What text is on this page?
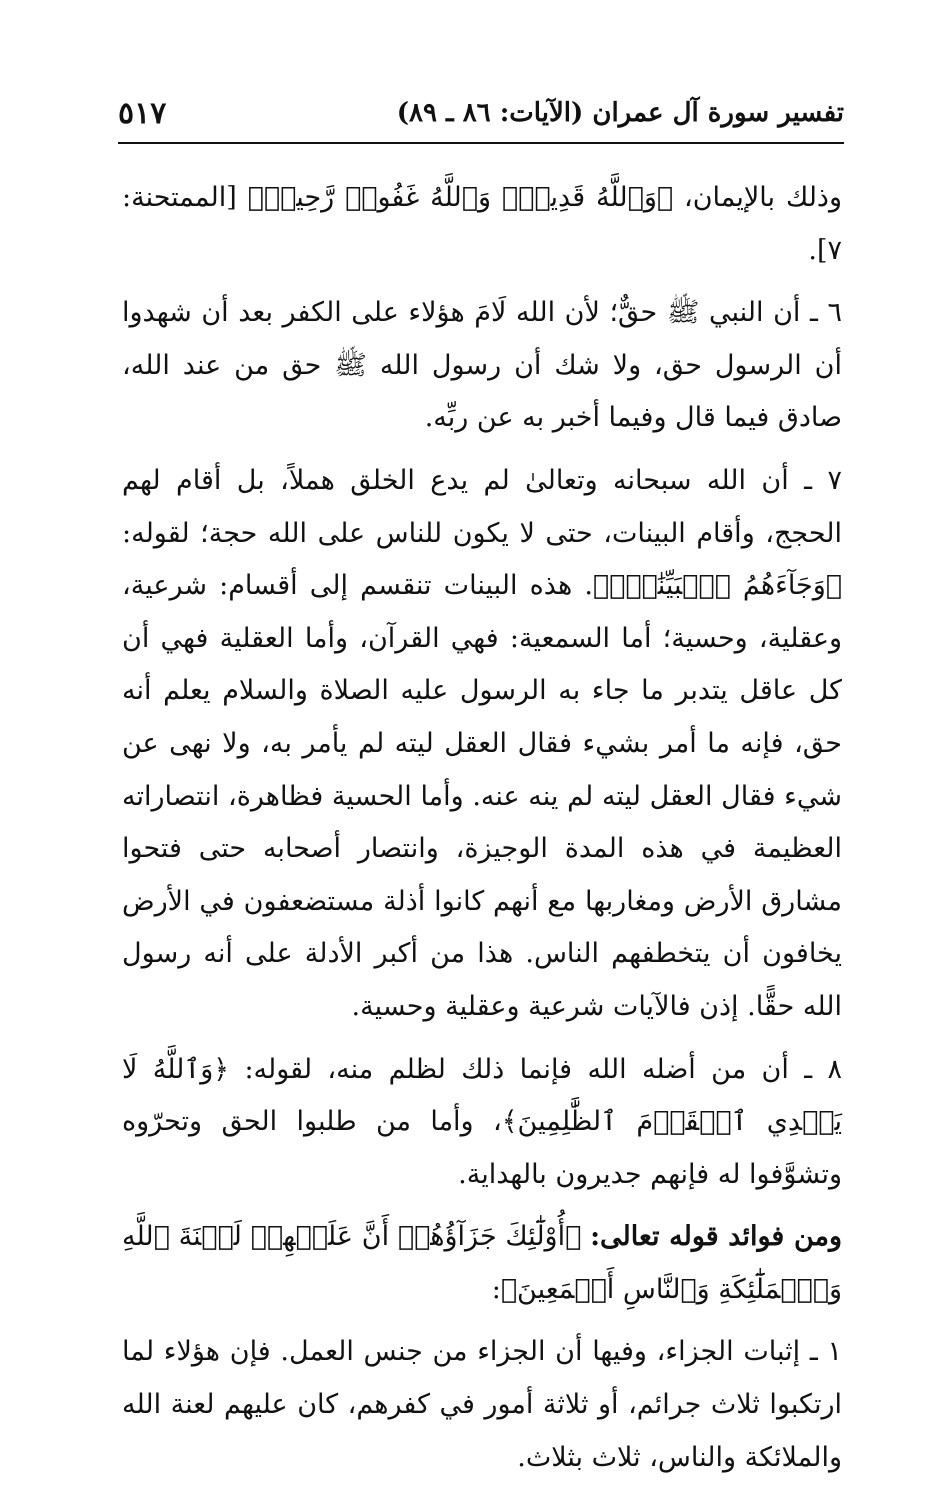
تفسير سورة آل عمران (الآيات: ٨٦ ـ ٨٩)
٥١٧

وذلك بالإيمان، ﴿وَٱللَّهُ قَدِيرٌۚ وَٱللَّهُ غَفُورٞ رَّحِيمٞ﴾ [الممتحنة: ٧].

٦ ـ أن النبي ﷺ حقٌّ؛ لأن الله لَامَ هؤلاء على الكفر بعد أن شهدوا أن الرسول حق، ولا شك أن رسول الله ﷺ حق من عند الله، صادق فيما قال وفيما أخبر به عن ربِّه.

٧ ـ أن الله سبحانه وتعالىٰ لم يدع الخلق هملاً، بل أقام لهم الحجج، وأقام البينات، حتى لا يكون للناس على الله حجة؛ لقوله: ﴿وَجَآءَهُمُ ٱلۡبَيِّنَٰتُۚ﴾. هذه البينات تنقسم إلى أقسام: شرعية، وعقلية، وحسية؛ أما السمعية: فهي القرآن، وأما العقلية فهي أن كل عاقل يتدبر ما جاء به الرسول عليه الصلاة والسلام يعلم أنه حق، فإنه ما أمر بشيء فقال العقل ليته لم يأمر به، ولا نهى عن شيء فقال العقل ليته لم ينه عنه. وأما الحسية فظاهرة، انتصاراته العظيمة في هذه المدة الوجيزة، وانتصار أصحابه حتى فتحوا مشارق الأرض ومغاربها مع أنهم كانوا أذلة مستضعفون في الأرض يخافون أن يتخطفهم الناس. هذا من أكبر الأدلة على أنه رسول الله حقًّا. إذن فالآيات شرعية وعقلية وحسية.

٨ ـ أن من أضله الله فإنما ذلك لظلم منه، لقوله: ﴿وَٱللَّهُ لَا يَهۡدِي ٱلۡقَوۡمَ ٱلظَّٰلِمِينَ﴾، وأما من طلبوا الحق وتحرّوه وتشوَّفوا له فإنهم جديرون بالهداية.

ومن فوائد قوله تعالى: ﴿أُوْلَٰٓئِكَ جَزَآؤُهُمۡ أَنَّ عَلَيۡهِمۡ لَعۡنَةَ ٱللَّهِ وَٱلۡمَلَٰٓئِكَةِ وَٱلنَّاسِ أَجۡمَعِينَ﴾:

١ ـ إثبات الجزاء، وفيها أن الجزاء من جنس العمل. فإن هؤلاء لما ارتكبوا ثلاث جرائم، أو ثلاثة أمور في كفرهم، كان عليهم لعنة الله والملائكة والناس، ثلاث بثلاث.
